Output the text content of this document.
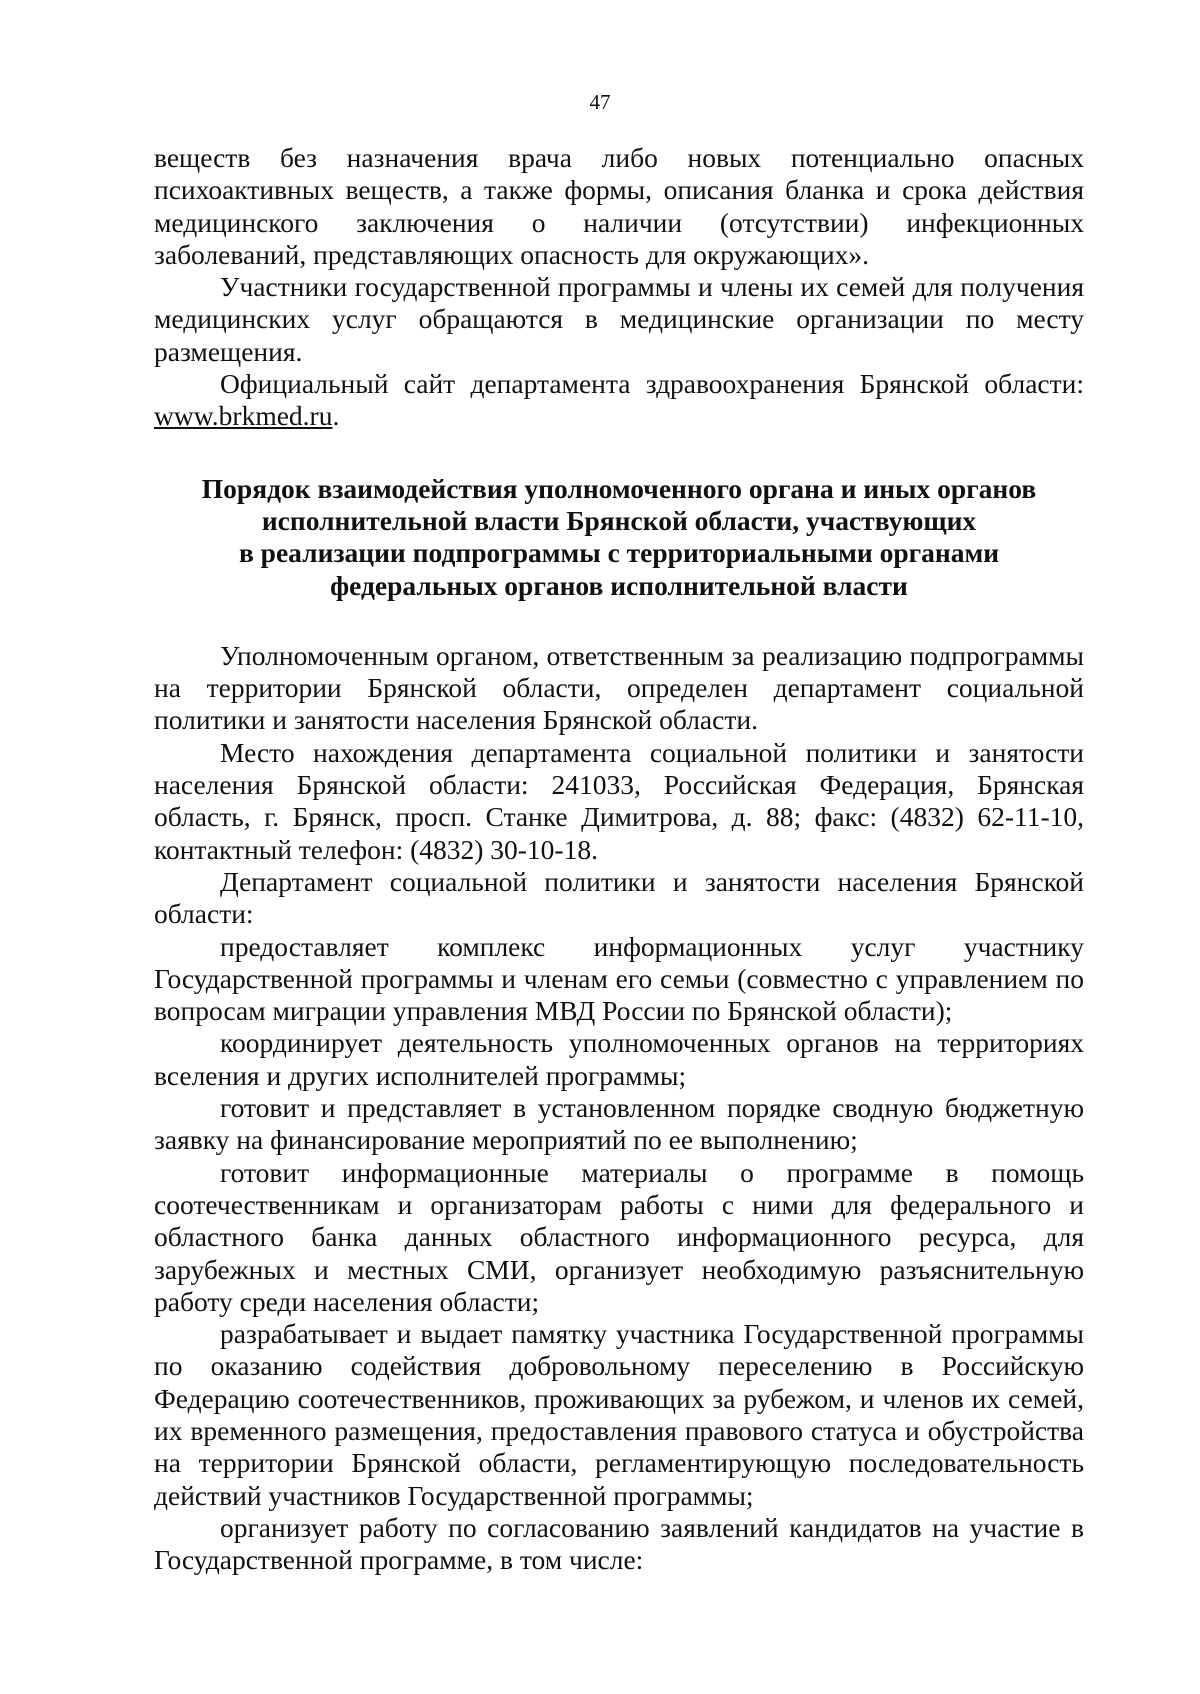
47

веществ без назначения врача либо новых потенциально опасных психоактивных веществ, а также формы, описания бланка и срока действия медицинского заключения о наличии (отсутствии) инфекционных заболеваний, представляющих опасность для окружающих».

Участники государственной программы и члены их семей для получения медицинских услуг обращаются в медицинские организации по месту размещения.

Официальный сайт департамента здравоохранения Брянской области: www.brkmed.ru.

Порядок взаимодействия уполномоченного органа и иных органов
исполнительной власти Брянской области, участвующих
в реализации подпрограммы с территориальными органами
федеральных органов исполнительной власти

Уполномоченным органом, ответственным за реализацию подпрограммы на территории Брянской области, определен департамент социальной политики и занятости населения Брянской области.

Место нахождения департамента социальной политики и занятости населения Брянской области: 241033, Российская Федерация, Брянская область, г. Брянск, просп. Станке Димитрова, д. 88; факс: (4832) 62-11-10, контактный телефон: (4832) 30-10-18.

Департамент социальной политики и занятости населения Брянской области:

предоставляет комплекс информационных услуг участнику Государственной программы и членам его семьи (совместно с управлением по вопросам миграции управления МВД России по Брянской области);

координирует деятельность уполномоченных органов на территориях вселения и других исполнителей программы;

готовит и представляет в установленном порядке сводную бюджетную заявку на финансирование мероприятий по ее выполнению;

готовит информационные материалы о программе в помощь соотечественникам и организаторам работы с ними для федерального и областного банка данных областного информационного ресурса, для зарубежных и местных СМИ, организует необходимую разъяснительную работу среди населения области;

разрабатывает и выдает памятку участника Государственной программы по оказанию содействия добровольному переселению в Российскую Федерацию соотечественников, проживающих за рубежом, и членов их семей, их временного размещения, предоставления правового статуса и обустройства на территории Брянской области, регламентирующую последовательность действий участников Государственной программы;

организует работу по согласованию заявлений кандидатов на участие в Государственной программе, в том числе:
